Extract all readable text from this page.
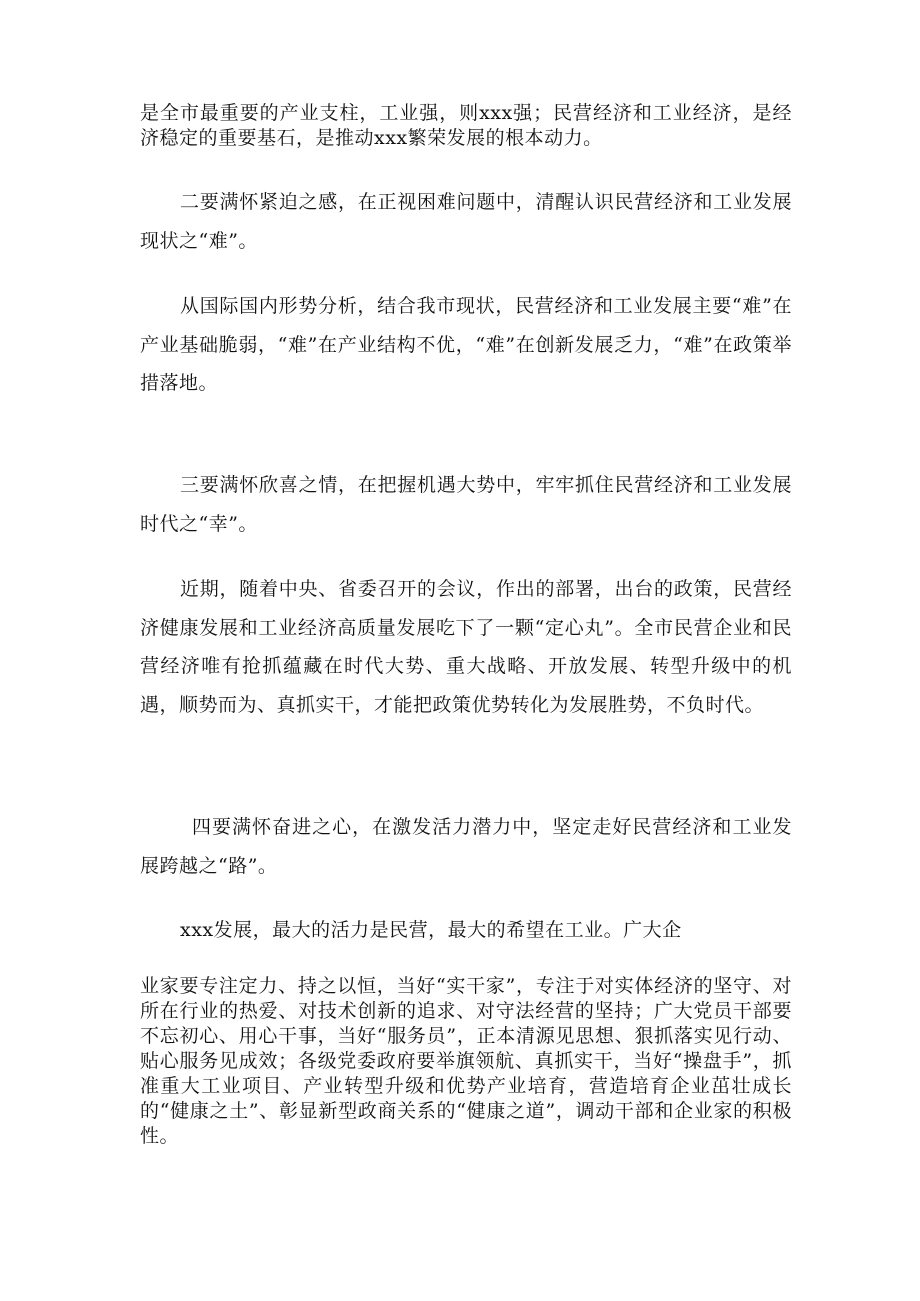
是全市最重要的产业支柱，工业强，则xxx强；民营经济和工业经济，是经济稳定的重要基石，是推动xxx繁荣发展的根本动力。

二要满怀紧迫之感，在正视困难问题中，清醒认识民营经济和工业发展现状之“难”。

从国际国内形势分析，结合我市现状，民营经济和工业发展主要“难”在产业基础脆弱，“难”在产业结构不优，“难”在创新发展乏力，“难”在政策举措落地。

三要满怀欣喜之情，在把握机遇大势中，牢牢抓住民营经济和工业发展时代之“幸”。

近期，随着中央、省委召开的会议，作出的部署，出台的政策，民营经济健康发展和工业经济高质量发展吃下了一颗“定心丸”。全市民营企业和民营经济唯有抢抓蕴藏在时代大势、重大战略、开放发展、转型升级中的机遇，顺势而为、真抓实干，才能把政策优势转化为发展胜势，不负时代。

四要满怀奋进之心，在激发活力潜力中，坚定走好民营经济和工业发展跨越之“路”。

xxx发展，最大的活力是民营，最大的希望在工业。广大企

业家要专注定力、持之以恒，当好“实干家”，专注于对实体经济的坚守、对所在行业的热爱、对技术创新的追求、对守法经营的坚持；广大党员干部要不忘初心、用心干事，当好“服务员”，正本清源见思想、狠抓落实见行动、贴心服务见成效；各级党委政府要举旗领航、真抓实干，当好“操盘手”，抓准重大工业项目、产业转型升级和优势产业培育，营造培育企业茁壮成长的“健康之土”、彰显新型政商关系的“健康之道”，调动干部和企业家的积极性。
